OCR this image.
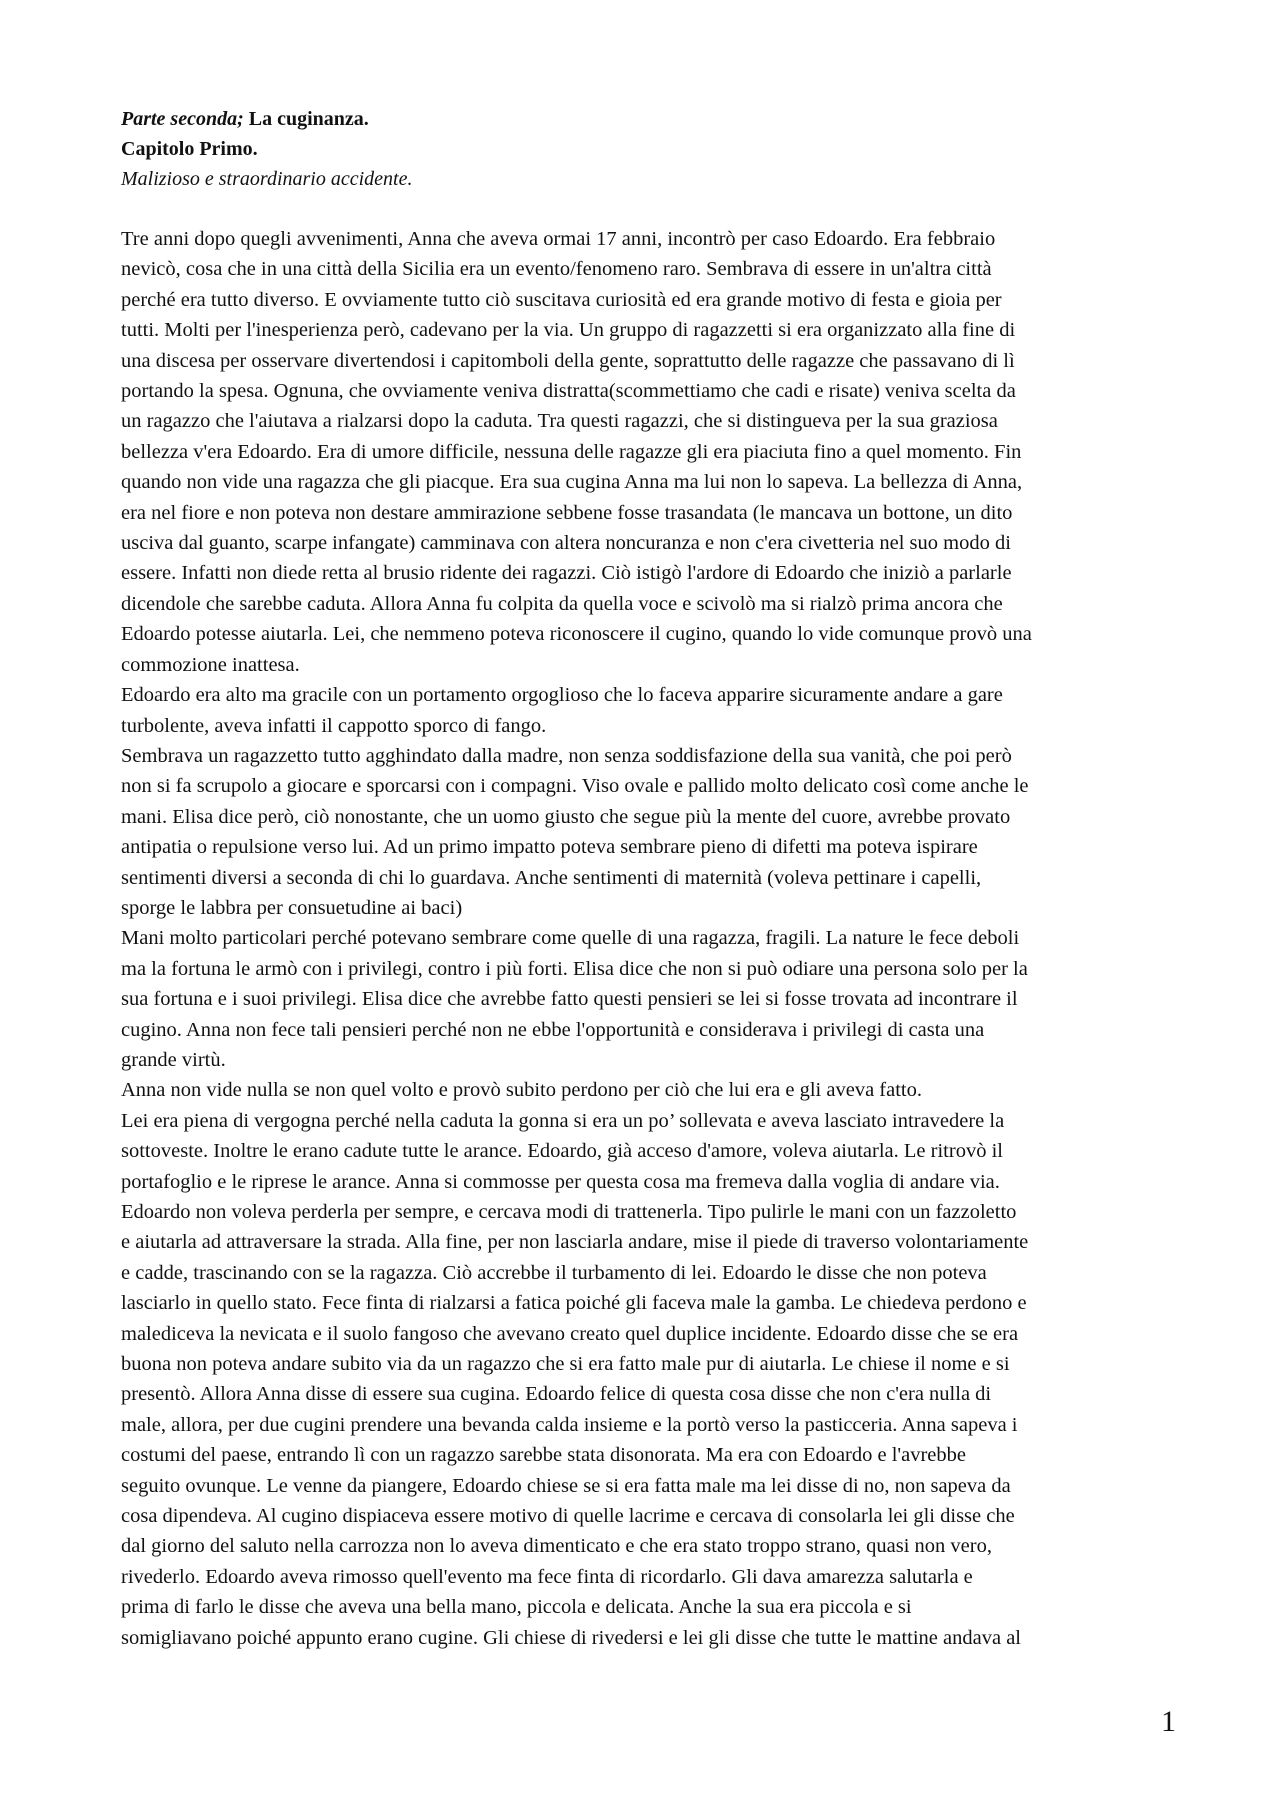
Parte seconda; La cuginanza.
Capitolo Primo.
Malizioso e straordinario accidente.
Tre anni dopo quegli avvenimenti, Anna che aveva ormai 17 anni, incontrò per caso Edoardo. Era febbraio
nevicò, cosa che in una città della Sicilia era un evento/fenomeno raro. Sembrava di essere in un'altra città
perché era tutto diverso. E ovviamente tutto ciò suscitava curiosità ed era grande motivo di festa e gioia per
tutti. Molti per l'inesperienza però, cadevano per la via. Un gruppo di ragazzetti si era organizzato alla fine di
una discesa per osservare divertendosi i capitomboli della gente, soprattutto delle ragazze che passavano di lì
portando la spesa. Ognuna, che ovviamente veniva distratta(scommettiamo che cadi e risate) veniva scelta da
un ragazzo che l'aiutava a rialzarsi dopo la caduta. Tra questi ragazzi, che si distingueva per la sua graziosa
bellezza v'era Edoardo. Era di umore difficile, nessuna delle ragazze gli era piaciuta fino a quel momento. Fin
quando non vide una ragazza che gli piacque. Era sua cugina Anna ma lui non lo sapeva. La bellezza di Anna,
era nel fiore e non poteva non destare ammirazione sebbene fosse trasandata (le mancava un bottone, un dito
usciva dal guanto, scarpe infangate) camminava con altera noncuranza e non c'era civetteria nel suo modo di
essere. Infatti non diede retta al brusio ridente dei ragazzi. Ciò istigò l'ardore di Edoardo che iniziò a parlarle
dicendole che sarebbe caduta. Allora Anna fu colpita da quella voce e scivolò ma si rialzò prima ancora che
Edoardo potesse aiutarla. Lei, che nemmeno poteva riconoscere il cugino, quando lo vide comunque provò una
commozione inattesa.
Edoardo era alto ma gracile con un portamento orgoglioso che lo faceva apparire sicuramente andare a gare
turbolente, aveva infatti il cappotto sporco di fango.
Sembrava un ragazzetto tutto agghindato dalla madre, non senza soddisfazione della sua vanità, che poi però
non si fa scrupolo a giocare e sporcarsi con i compagni. Viso ovale e pallido molto delicato così come anche le
mani. Elisa dice però, ciò nonostante, che un uomo giusto che segue più la mente del cuore, avrebbe provato
antipatia o repulsione verso lui. Ad un primo impatto poteva sembrare pieno di difetti ma poteva ispirare
sentimenti diversi a seconda di chi lo guardava. Anche sentimenti di maternità (voleva pettinare i capelli,
sporge le labbra per consuetudine ai baci)
Mani molto particolari perché potevano sembrare come quelle di una ragazza, fragili. La nature le fece deboli
ma la fortuna le armò con i privilegi, contro i più forti. Elisa dice che non si può odiare una persona solo per la
sua fortuna e i suoi privilegi. Elisa dice che avrebbe fatto questi pensieri se lei si fosse trovata ad incontrare il
cugino. Anna non fece tali pensieri perché non ne ebbe l'opportunità e considerava i privilegi di casta una
grande virtù.
Anna non vide nulla se non quel volto e provò subito perdono per ciò che lui era e gli aveva fatto.
Lei era piena di vergogna perché nella caduta la gonna si era un po’ sollevata e aveva lasciato intravedere la
sottoveste. Inoltre le erano cadute tutte le arance. Edoardo, già acceso d'amore, voleva aiutarla. Le ritrovò il
portafoglio e le riprese le arance. Anna si commosse per questa cosa ma fremeva dalla voglia di andare via.
Edoardo non voleva perderla per sempre, e cercava modi di trattenerla. Tipo pulirle le mani con un fazzoletto
e aiutarla ad attraversare la strada. Alla fine, per non lasciarla andare, mise il piede di traverso volontariamente
e cadde, trascinando con se la ragazza. Ciò accrebbe il turbamento di lei. Edoardo le disse che non poteva
lasciarlo in quello stato. Fece finta di rialzarsi a fatica poiché gli faceva male la gamba. Le chiedeva perdono e
malediceva la nevicata e il suolo fangoso che avevano creato quel duplice incidente. Edoardo disse che se era
buona non poteva andare subito via da un ragazzo che si era fatto male pur di aiutarla. Le chiese il nome e si
presentò. Allora Anna disse di essere sua cugina. Edoardo felice di questa cosa disse che non c'era nulla di
male, allora, per due cugini prendere una bevanda calda insieme e la portò verso la pasticceria. Anna sapeva i
costumi del paese, entrando lì con un ragazzo sarebbe stata disonorata. Ma era con Edoardo e l'avrebbe
seguito ovunque. Le venne da piangere, Edoardo chiese se si era fatta male ma lei disse di no, non sapeva da
cosa dipendeva. Al cugino dispiaceva essere motivo di quelle lacrime e cercava di consolarla lei gli disse che
dal giorno del saluto nella carrozza non lo aveva dimenticato e che era stato troppo strano, quasi non vero,
rivederlo. Edoardo aveva rimosso quell'evento ma fece finta di ricordarlo. Gli dava amarezza salutarla e
prima di farlo le disse che aveva una bella mano, piccola e delicata. Anche la sua era piccola e si
somigliavano poiché appunto erano cugine. Gli chiese di rivedersi e lei gli disse che tutte le mattine andava al
1
